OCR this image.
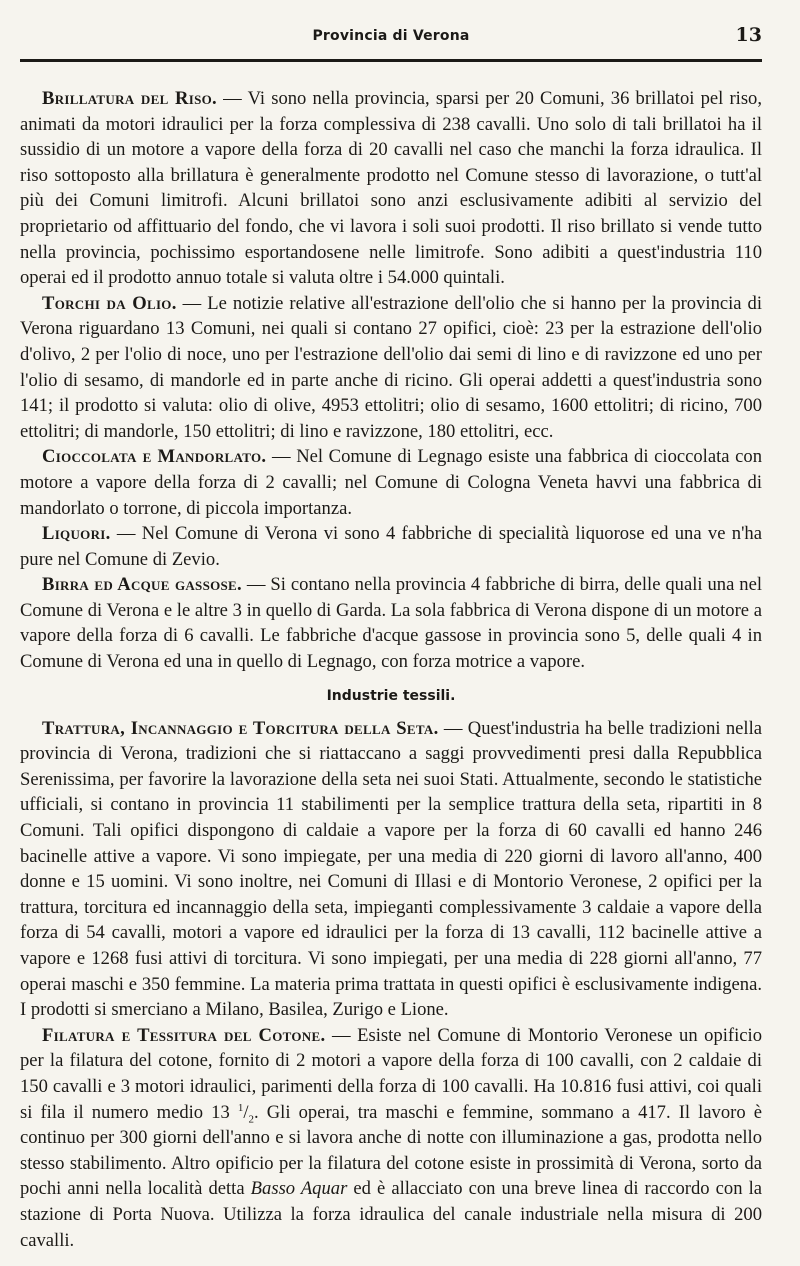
Provincia di Verona	13

Brillatura del Riso. — Vi sono nella provincia, sparsi per 20 Comuni, 36 brillatoi pel riso, animati da motori idraulici per la forza complessiva di 238 cavalli. Uno solo di tali brillatoi ha il sussidio di un motore a vapore della forza di 20 cavalli nel caso che manchi la forza idraulica. Il riso sottoposto alla brillatura è generalmente prodotto nel Comune stesso di lavorazione, o tutt'al più dei Comuni limitrofi. Alcuni brillatoi sono anzi esclusivamente adibiti al servizio del proprietario od affittuario del fondo, che vi lavora i soli suoi prodotti. Il riso brillato si vende tutto nella provincia, pochissimo esportandosene nelle limitrofe. Sono adibiti a quest'industria 110 operai ed il prodotto annuo totale si valuta oltre i 54.000 quintali.

Torchi da Olio. — Le notizie relative all'estrazione dell'olio che si hanno per la provincia di Verona riguardano 13 Comuni, nei quali si contano 27 opifici, cioè: 23 per la estrazione dell'olio d'olivo, 2 per l'olio di noce, uno per l'estrazione dell'olio dai semi di lino e di ravizzone ed uno per l'olio di sesamo, di mandorle ed in parte anche di ricino. Gli operai addetti a quest'industria sono 141; il prodotto si valuta: olio di olive, 4953 ettolitri; olio di sesamo, 1600 ettolitri; di ricino, 700 ettolitri; di mandorle, 150 ettolitri; di lino e ravizzone, 180 ettolitri, ecc.

Cioccolata e Mandorlato. — Nel Comune di Legnago esiste una fabbrica di cioccolata con motore a vapore della forza di 2 cavalli; nel Comune di Cologna Veneta havvi una fabbrica di mandorlato o torrone, di piccola importanza.

Liquori. — Nel Comune di Verona vi sono 4 fabbriche di specialità liquorose ed una ve n'ha pure nel Comune di Zevio.

Birra ed Acque gassose. — Si contano nella provincia 4 fabbriche di birra, delle quali una nel Comune di Verona e le altre 3 in quello di Garda. La sola fabbrica di Verona dispone di un motore a vapore della forza di 6 cavalli. Le fabbriche d'acque gassose in provincia sono 5, delle quali 4 in Comune di Verona ed una in quello di Legnago, con forza motrice a vapore.

Industrie tessili.

Trattura, Incannaggio e Torcitura della Seta. — Quest'industria ha belle tradizioni nella provincia di Verona, tradizioni che si riattaccano a saggi provvedimenti presi dalla Repubblica Serenissima, per favorire la lavorazione della seta nei suoi Stati. Attualmente, secondo le statistiche ufficiali, si contano in provincia 11 stabilimenti per la semplice trattura della seta, ripartiti in 8 Comuni. Tali opifici dispongono di caldaie a vapore per la forza di 60 cavalli ed hanno 246 bacinelle attive a vapore. Vi sono impiegate, per una media di 220 giorni di lavoro all'anno, 400 donne e 15 uomini. Vi sono inoltre, nei Comuni di Illasi e di Montorio Veronese, 2 opifici per la trattura, torcitura ed incannaggio della seta, impieganti complessivamente 3 caldaie a vapore della forza di 54 cavalli, motori a vapore ed idraulici per la forza di 13 cavalli, 112 bacinelle attive a vapore e 1268 fusi attivi di torcitura. Vi sono impiegati, per una media di 228 giorni all'anno, 77 operai maschi e 350 femmine. La materia prima trattata in questi opifici è esclusivamente indigena. I prodotti si smerciano a Milano, Basilea, Zurigo e Lione.

Filatura e Tessitura del Cotone. — Esiste nel Comune di Montorio Veronese un opificio per la filatura del cotone, fornito di 2 motori a vapore della forza di 100 cavalli, con 2 caldaie di 150 cavalli e 3 motori idraulici, parimenti della forza di 100 cavalli. Ha 10.816 fusi attivi, coi quali si fila il numero medio 13 $^1/_2$. Gli operai, tra maschi e femmine, sommano a 417. Il lavoro è continuo per 300 giorni dell'anno e si lavora anche di notte con illuminazione a gas, prodotta nello stesso stabilimento. Altro opificio per la filatura del cotone esiste in prossimità di Verona, sorto da pochi anni nella località detta Basso Aquar ed è allacciato con una breve linea di raccordo con la stazione di Porta Nuova. Utilizza la forza idraulica del canale industriale nella misura di 200 cavalli.
